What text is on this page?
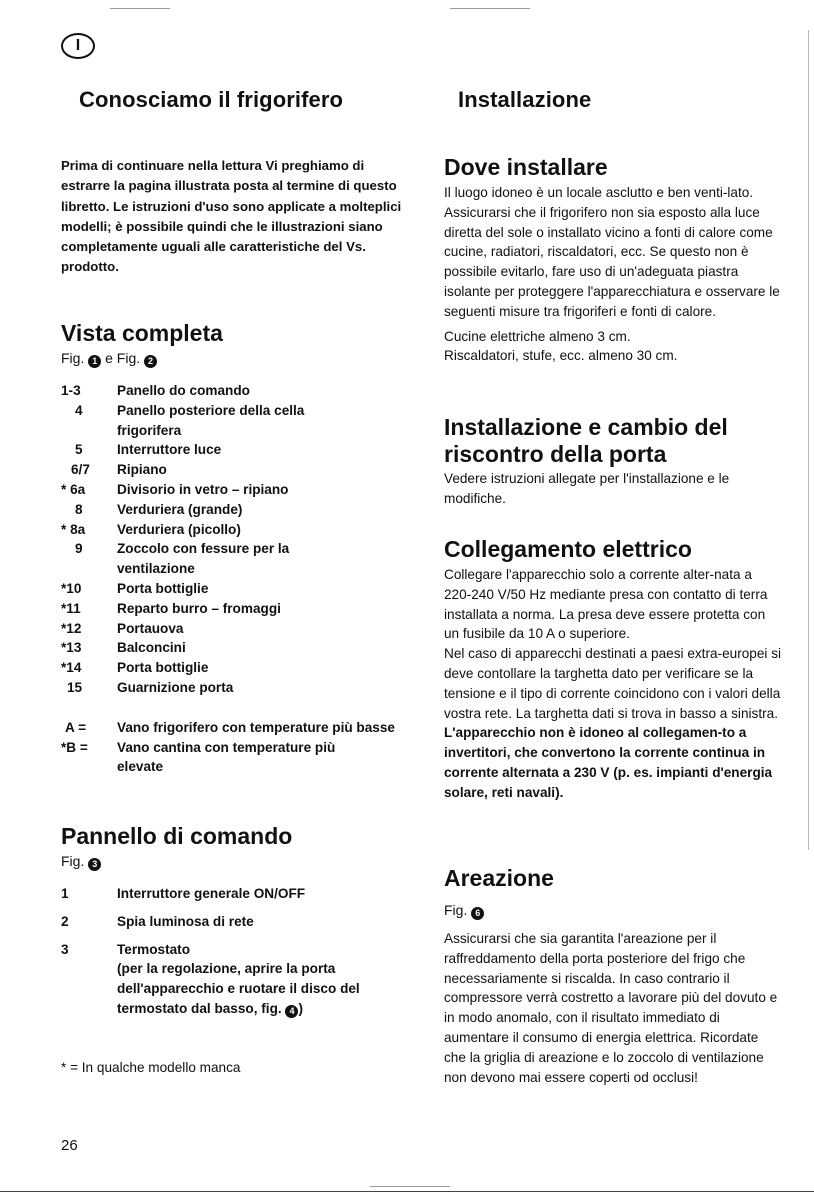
I
Conosciamo il frigorifero
Prima di continuare nella lettura Vi preghiamo di estrarre la pagina illustrata posta al termine di questo libretto. Le istruzioni d'uso sono applicate a molteplici modelli; è possibile quindi che le illustrazioni siano completamente uguali alle caratteristiche del Vs. prodotto.
Vista completa
Fig. 1 e Fig. 2
1-3	Panello do comando
4	Panello posteriore della cella frigorifera
5	Interruttore luce
6/7	Ripiano
* 6a	Divisorio in vetro – ripiano
8	Verduriera (grande)
* 8a	Verduriera (picollo)
9	Zoccolo con fessure per la ventilazione
*10	Porta bottiglie
*11	Reparto burro – fromaggi
*12	Portauova
*13	Balconcini
*14	Porta bottiglie
15	Guarnizione porta
A =	Vano frigorifero con temperature più basse
*B =	Vano cantina con temperature più elevate
Pannello di comando
Fig. 3
1	Interruttore generale ON/OFF
2	Spia luminosa di rete
3	Termostato
(per la regolazione, aprire la porta dell'apparecchio e ruotare il disco del termostato dal basso, fig. 4 )
* = In qualche modello manca
26
Installazione
Dove installare
Il luogo idoneo è un locale asclutto e ben venti-lato. Assicurarsi che il frigorifero non sia esposto alla luce diretta del sole o installato vicino a fonti di calore come cucine, radiatori, riscaldatori, ecc. Se questo non è possibile evitarlo, fare uso di un'adeguata piastra isolante per proteggere l'apparecchiatura e osservare le seguenti misure tra frigoriferi e fonti di calore.
Cucine elettriche almeno 3 cm.
Riscaldatori, stufe, ecc. almeno 30 cm.
Installazione e cambio del riscontro della porta
Vedere istruzioni allegate per l'installazione e le modifiche.
Collegamento elettrico
Collegare l'apparecchio solo a corrente alter-nata a 220-240 V/50 Hz mediante presa con contatto di terra installata a norma. La presa deve essere protetta con un fusibile da 10 A o superiore.
Nel caso di apparecchi destinati a paesi extra-europei si deve contollare la targhetta dato per verificare se la tensione e il tipo di corrente coincidono con i valori della vostra rete. La targhetta dati si trova in basso a sinistra.
L'apparecchio non è idoneo al collegamen-to a invertitori, che convertono la corrente continua in corrente alternata a 230 V (p. es. impianti d'energia solare, reti navali).
Areazione
Fig. 6
Assicurarsi che sia garantita l'areazione per il raffreddamento della porta posteriore del frigo che necessariamente si riscalda. In caso contrario il compressore verrà costretto a lavorare più del dovuto e in modo anomalo, con il risultato immediato di aumentare il consumo di energia elettrica. Ricordate che la griglia di areazione e lo zoccolo di ventilazione non devono mai essere coperti od occlusi!
